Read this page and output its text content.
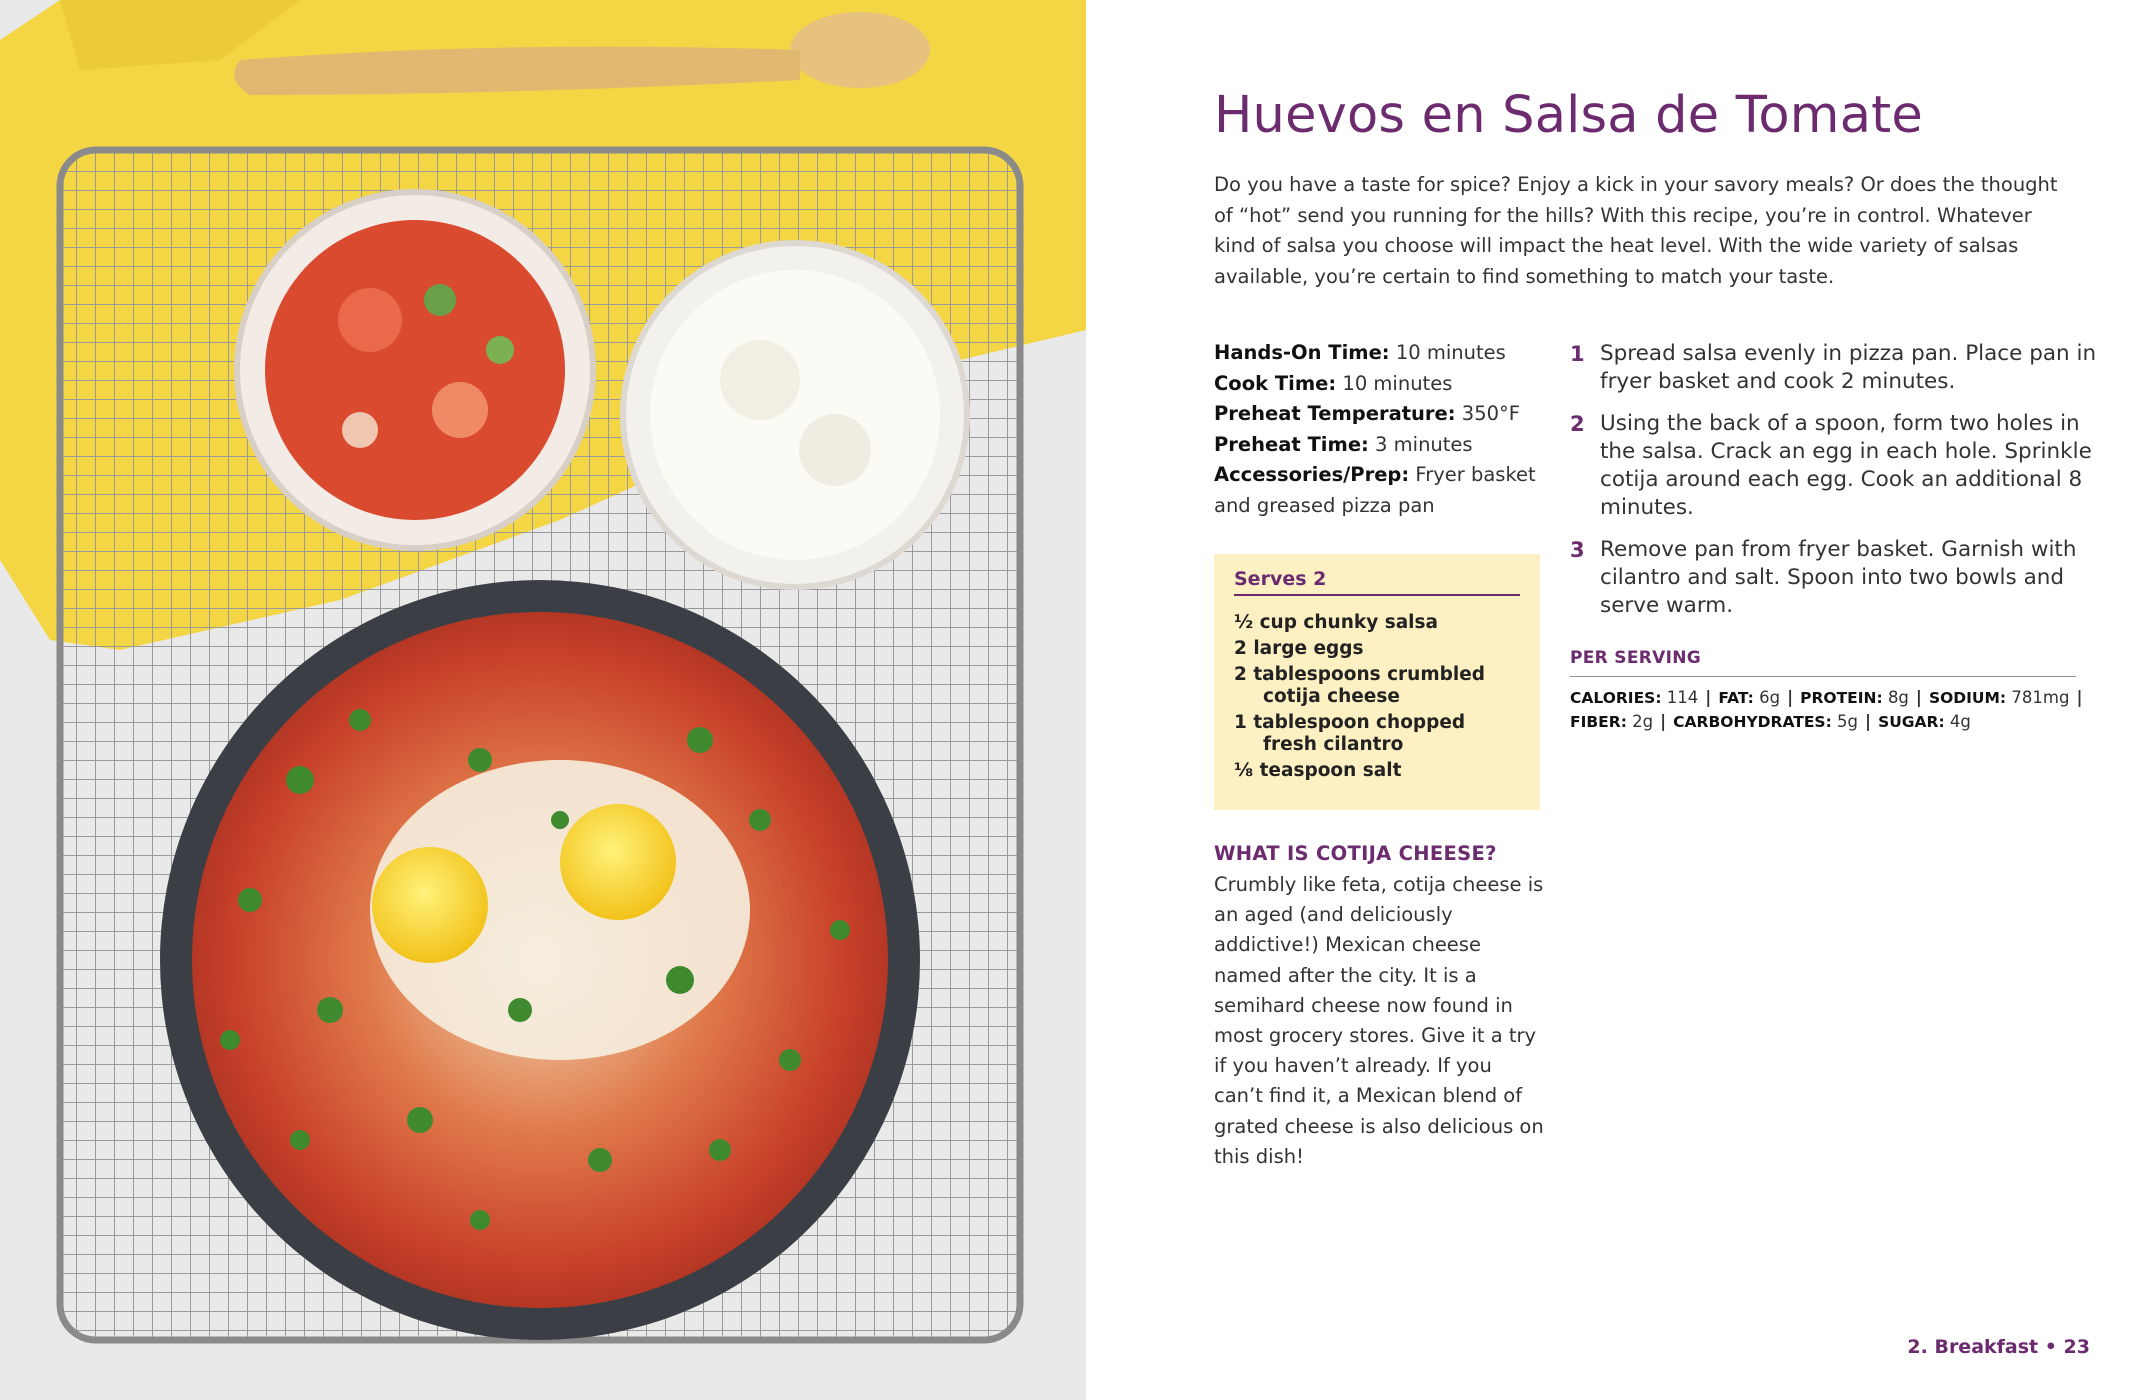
Huevos en Salsa de Tomate

Do you have a taste for spice? Enjoy a kick in your savory meals? Or does the thought of “hot” send you running for the hills? With this recipe, you’re in control. Whatever kind of salsa you choose will impact the heat level. With the wide variety of salsas available, you’re certain to find something to match your taste.

Hands-On Time: 10 minutes
Cook Time: 10 minutes
Preheat Temperature: 350°F
Preheat Time: 3 minutes
Accessories/Prep: Fryer basket and greased pizza pan
Serves 2
½ cup chunky salsa
2 large eggs
2 tablespoons crumbled cotija cheese
1 tablespoon chopped fresh cilantro
⅛ teaspoon salt
WHAT IS COTIJA CHEESE?

Crumbly like feta, cotija cheese is an aged (and deliciously addictive!) Mexican cheese named after the city. It is a semihard cheese now found in most grocery stores. Give it a try if you haven’t already. If you can’t find it, a Mexican blend of grated cheese is also delicious on this dish!

1 Spread salsa evenly in pizza pan. Place pan in fryer basket and cook 2 minutes.
2 Using the back of a spoon, form two holes in the salsa. Crack an egg in each hole. Sprinkle cotija around each egg. Cook an additional 8 minutes.
3 Remove pan from fryer basket. Garnish with cilantro and salt. Spoon into two bowls and serve warm.
PER SERVING
CALORIES: 114 | FAT: 6g | PROTEIN: 8g | SODIUM: 781mg |
FIBER: 2g | CARBOHYDRATES: 5g | SUGAR: 4g
2. Breakfast • 23
